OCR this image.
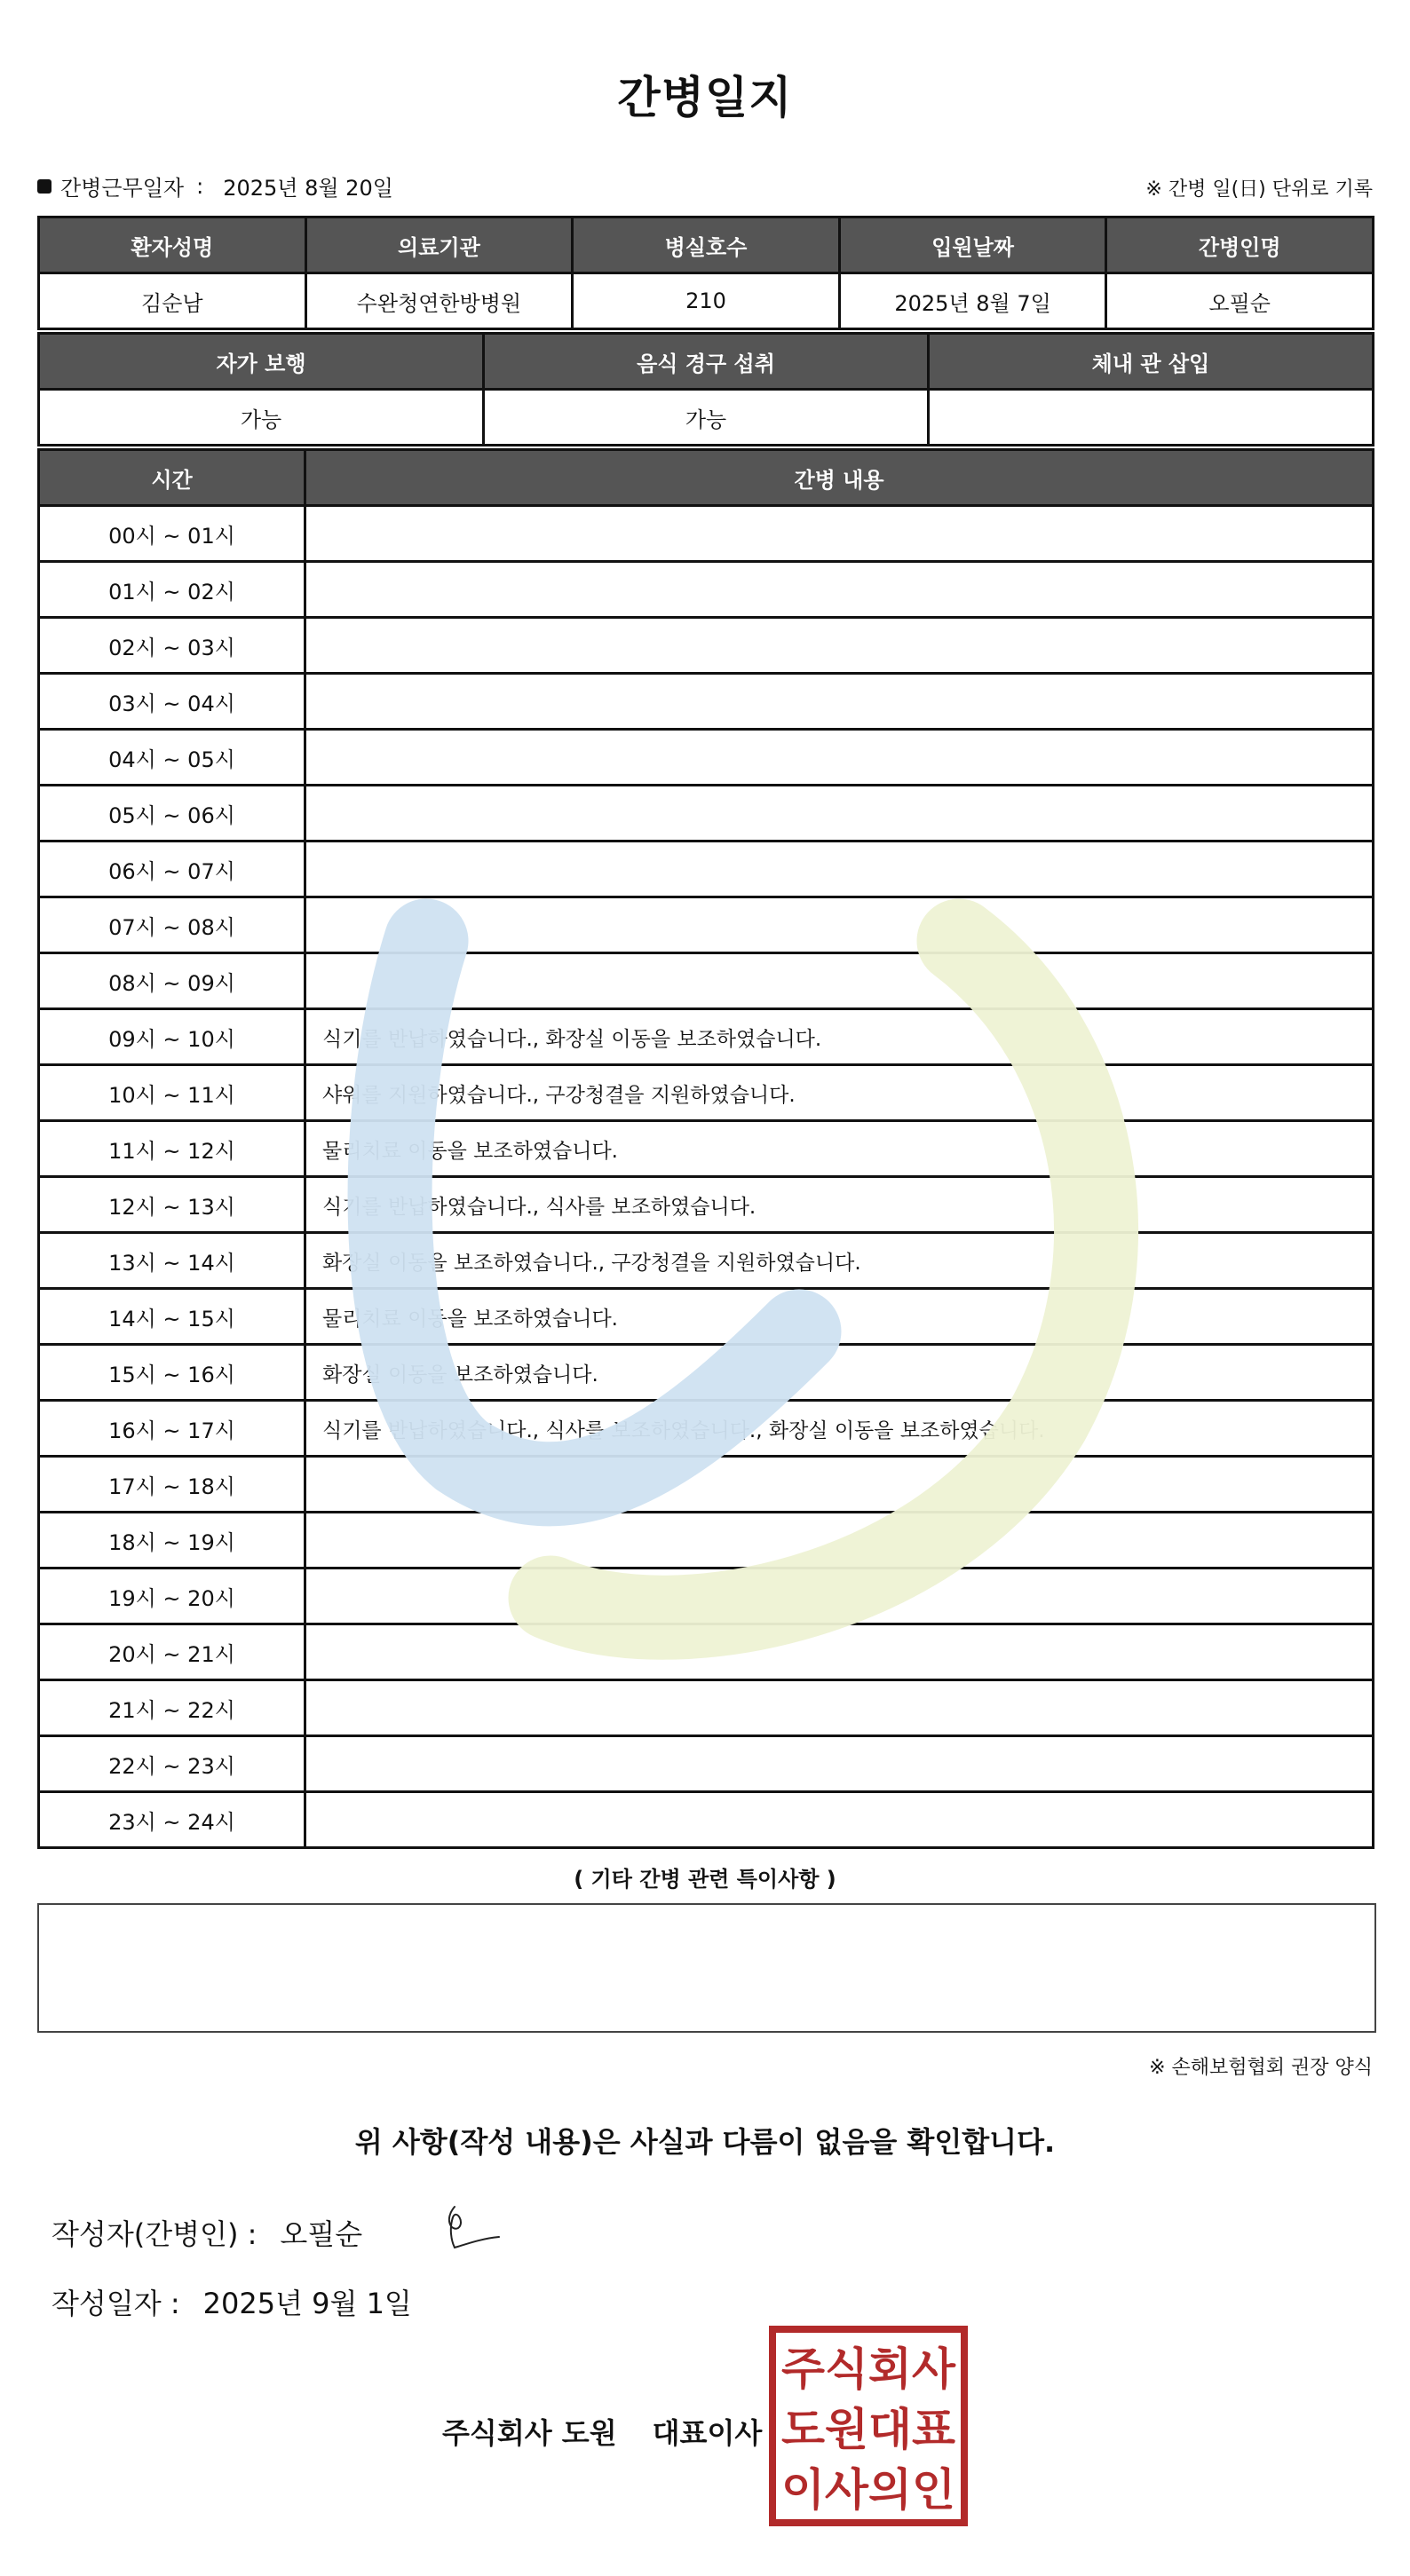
간병일지
간병근무일자 : 2025년 8월 20일	※ 간병 일(日) 단위로 기록
환자성명	의료기관	병실호수	입원날짜	간병인명
김순남	수완청연한방병원	210	2025년 8월 7일	오필순
자가 보행	음식 경구 섭취	체내 관 삽입
가능	가능	
시간	간병 내용
00시 ~ 01시	
01시 ~ 02시	
02시 ~ 03시	
03시 ~ 04시	
04시 ~ 05시	
05시 ~ 06시	
06시 ~ 07시	
07시 ~ 08시	
08시 ~ 09시	
09시 ~ 10시	식기를 반납하였습니다., 화장실 이동을 보조하였습니다.
10시 ~ 11시	샤워를 지원하였습니다., 구강청결을 지원하였습니다.
11시 ~ 12시	물리치료 이동을 보조하였습니다.
12시 ~ 13시	식기를 반납하였습니다., 식사를 보조하였습니다.
13시 ~ 14시	화장실 이동을 보조하였습니다., 구강청결을 지원하였습니다.
14시 ~ 15시	물리치료 이동을 보조하였습니다.
15시 ~ 16시	화장실 이동을 보조하였습니다.
16시 ~ 17시	식기를 반납하였습니다., 식사를 보조하였습니다., 화장실 이동을 보조하였습니다.
17시 ~ 18시	
18시 ~ 19시	
19시 ~ 20시	
20시 ~ 21시	
21시 ~ 22시	
22시 ~ 23시	
23시 ~ 24시	
( 기타 간병 관련 특이사항 )
※ 손해보험협회 권장 양식
위 사항(작성 내용)은 사실과 다름이 없음을 확인합니다.
작성자(간병인) : 오필순
작성일자 : 2025년 9월 1일
주식회사 도원 대표이사
주식회사
도원대표
이사의인
